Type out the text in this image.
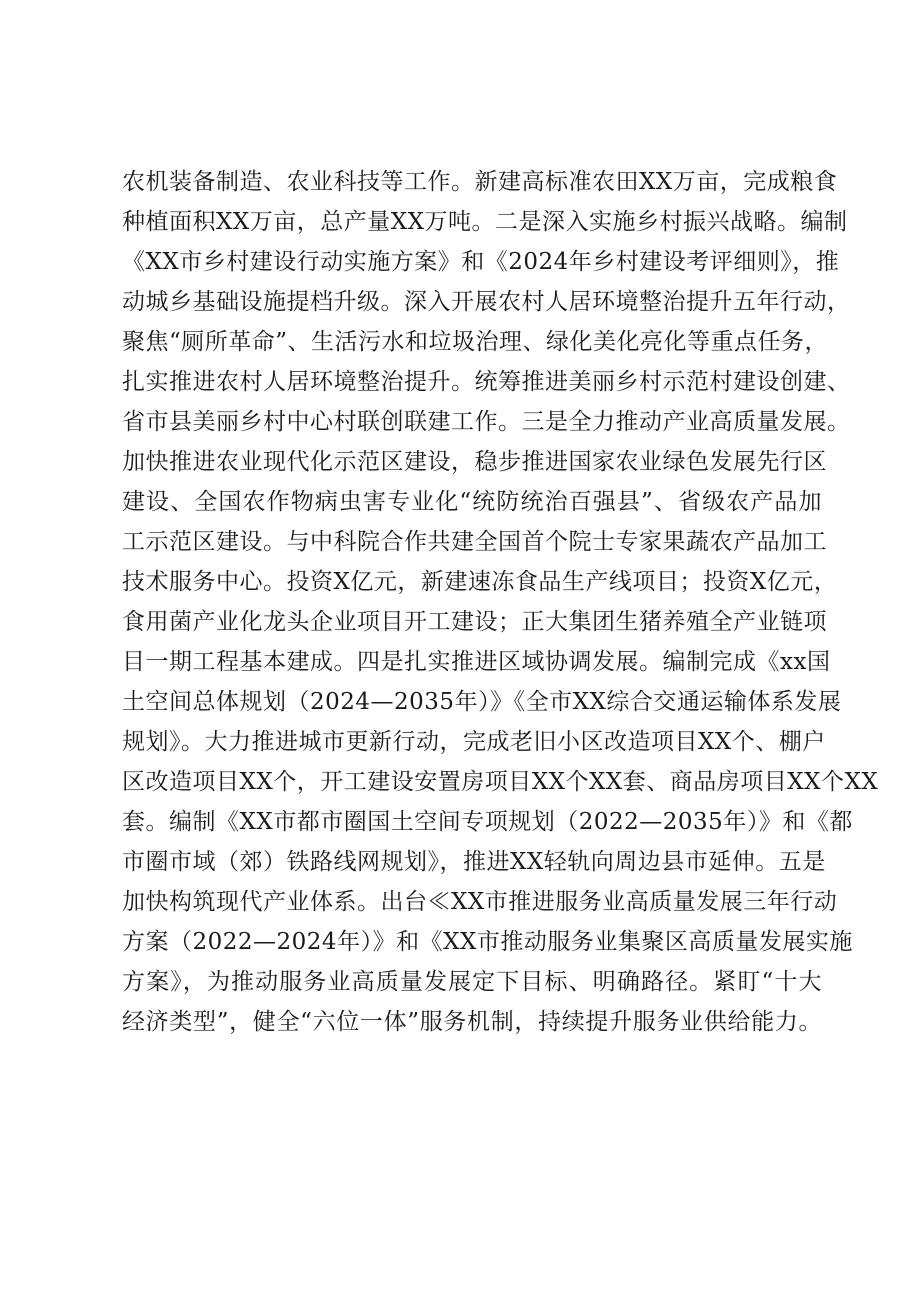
农机装备制造、农业科技等工作。新建高标准农田XX万亩，完成粮食
种植面积XX万亩，总产量XX万吨。二是深入实施乡村振兴战略。编制
《XX市乡村建设行动实施方案》和《2024年乡村建设考评细则》，推
动城乡基础设施提档升级。深入开展农村人居环境整治提升五年行动，
聚焦“厕所革命”、生活污水和垃圾治理、绿化美化亮化等重点任务，
扎实推进农村人居环境整治提升。统筹推进美丽乡村示范村建设创建、
省市县美丽乡村中心村联创联建工作。三是全力推动产业高质量发展。
加快推进农业现代化示范区建设，稳步推进国家农业绿色发展先行区
建设、全国农作物病虫害专业化“统防统治百强县”、省级农产品加
工示范区建设。与中科院合作共建全国首个院士专家果蔬农产品加工
技术服务中心。投资X亿元，新建速冻食品生产线项目；投资X亿元，
食用菌产业化龙头企业项目开工建设；正大集团生猪养殖全产业链项
目一期工程基本建成。四是扎实推进区域协调发展。编制完成《xx国
土空间总体规划（2024—2035年）》《全市XX综合交通运输体系发展
规划》。大力推进城市更新行动，完成老旧小区改造项目XX个、棚户
区改造项目XX个，开工建设安置房项目XX个XX套、商品房项目XX个XX
套。编制《XX市都市圈国土空间专项规划（2022—2035年）》和《都
市圈市域（郊）铁路线网规划》，推进XX轻轨向周边县市延伸。五是
加快构筑现代产业体系。出台≪XX市推进服务业高质量发展三年行动
方案（2022—2024年）》和《XX市推动服务业集聚区高质量发展实施
方案》，为推动服务业高质量发展定下目标、明确路径。紧盯“十大
经济类型”，健全“六位一体”服务机制，持续提升服务业供给能力。
